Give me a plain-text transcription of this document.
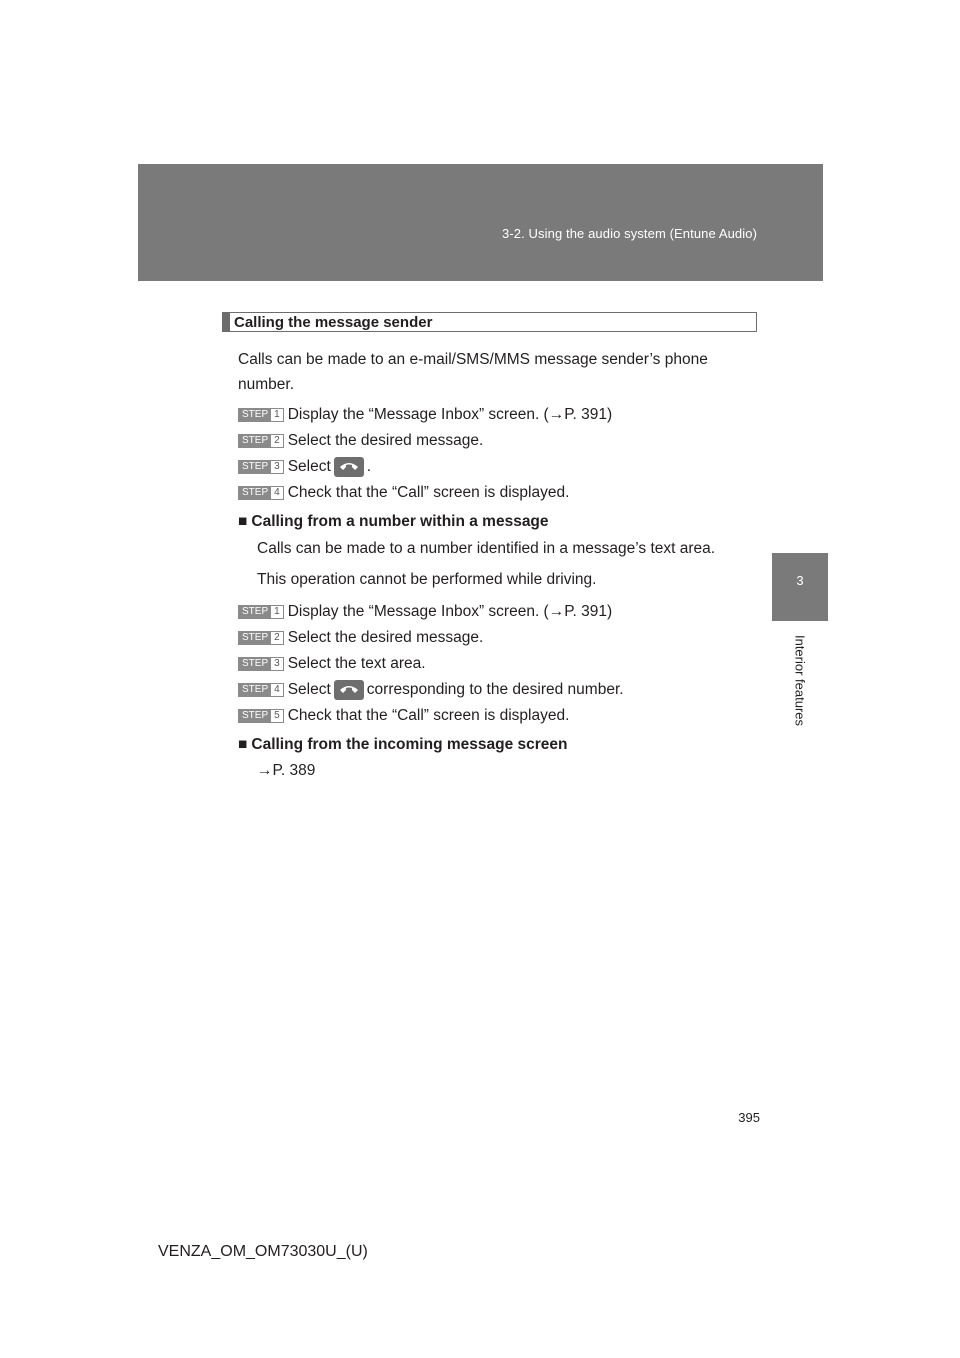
3-2. Using the audio system (Entune Audio)
3
Interior features
Calling the message sender
Calls can be made to an e-mail/SMS/MMS message sender’s phone
number.
STEP 1 Display the “Message Inbox” screen. (→P. 391)
STEP 2 Select the desired message.
STEP 3 Select .
STEP 4 Check that the “Call” screen is displayed.
■ Calling from a number within a message
Calls can be made to a number identified in a message’s text area.
This operation cannot be performed while driving.
STEP 1 Display the “Message Inbox” screen. (→P. 391)
STEP 2 Select the desired message.
STEP 3 Select the text area.
STEP 4 Select corresponding to the desired number.
STEP 5 Check that the “Call” screen is displayed.
■ Calling from the incoming message screen
→P. 389
395
VENZA_OM_OM73030U_(U)
